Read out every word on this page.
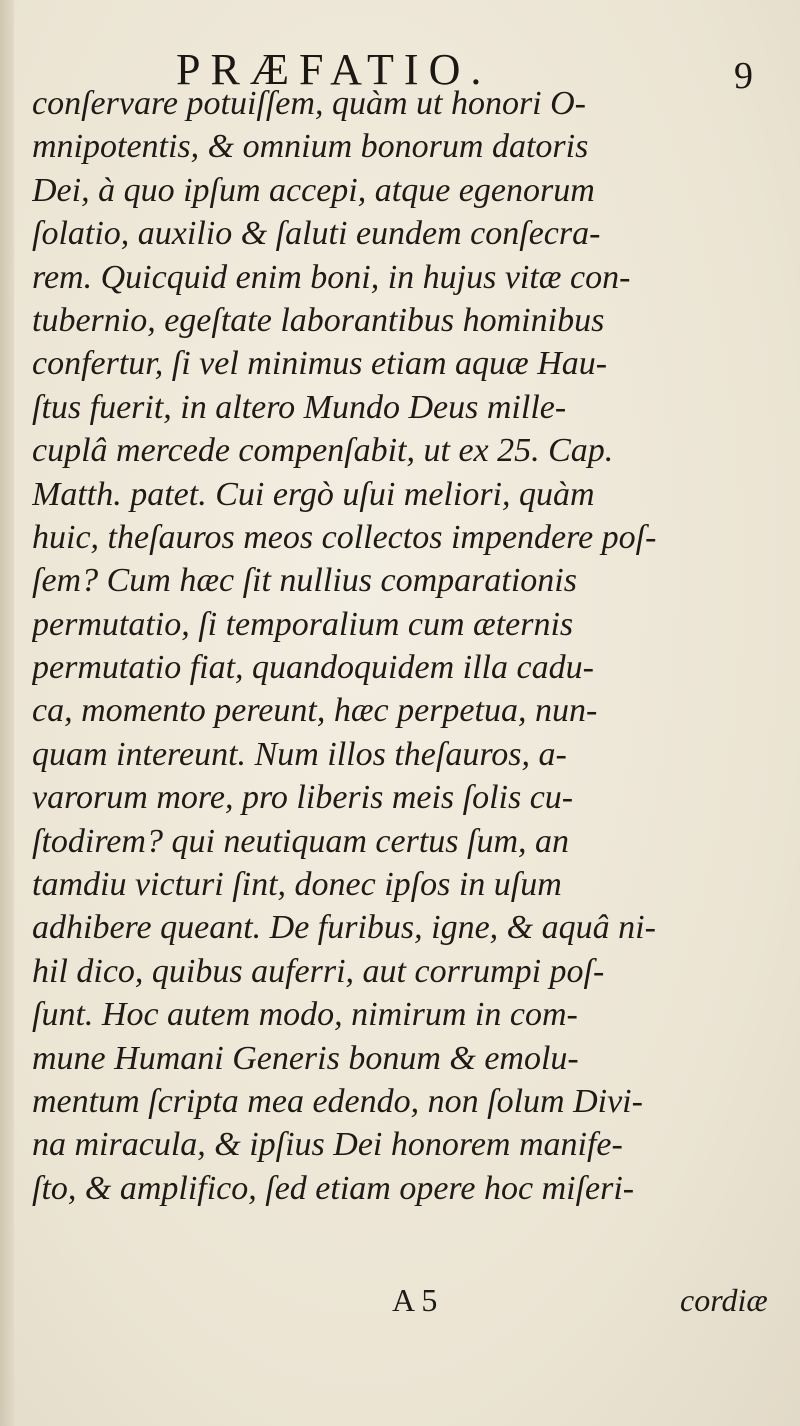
PRÆFATIO.	9
conſervare potuiſſem, quàm ut honori O-
mnipotentis, & omnium bonorum datoris
Dei, à quo ipſum accepi, atque egenorum
ſolatio, auxilio & ſaluti eundem conſecra-
rem. Quicquid enim boni, in hujus vitæ con-
tubernio, egeſtate laborantibus hominibus
confertur, ſi vel minimus etiam aquæ Hau-
ſtus fuerit, in altero Mundo Deus mille-
cuplâ mercede compenſabit, ut ex 25. Cap.
Matth. patet. Cui ergò uſui meliori, quàm
huic, theſauros meos collectos impendere poſ-
ſem? Cum hæc ſit nullius comparationis
permutatio, ſi temporalium cum æternis
permutatio fiat, quandoquidem illa cadu-
ca, momento pereunt, hæc perpetua, nun-
quam intereunt. Num illos theſauros, a-
varorum more, pro liberis meis ſolis cu-
ſtodirem? qui neutiquam certus ſum, an
tamdiu victuri ſint, donec ipſos in uſum
adhibere queant. De furibus, igne, & aquâ ni-
hil dico, quibus auferri, aut corrumpi poſ-
ſunt. Hoc autem modo, nimirum in com-
mune Humani Generis bonum & emolu-
mentum ſcripta mea edendo, non ſolum Divi-
na miracula, & ipſius Dei honorem manife-
ſto, & amplifico, ſed etiam opere hoc miſeri-
A 5	cordiæ
